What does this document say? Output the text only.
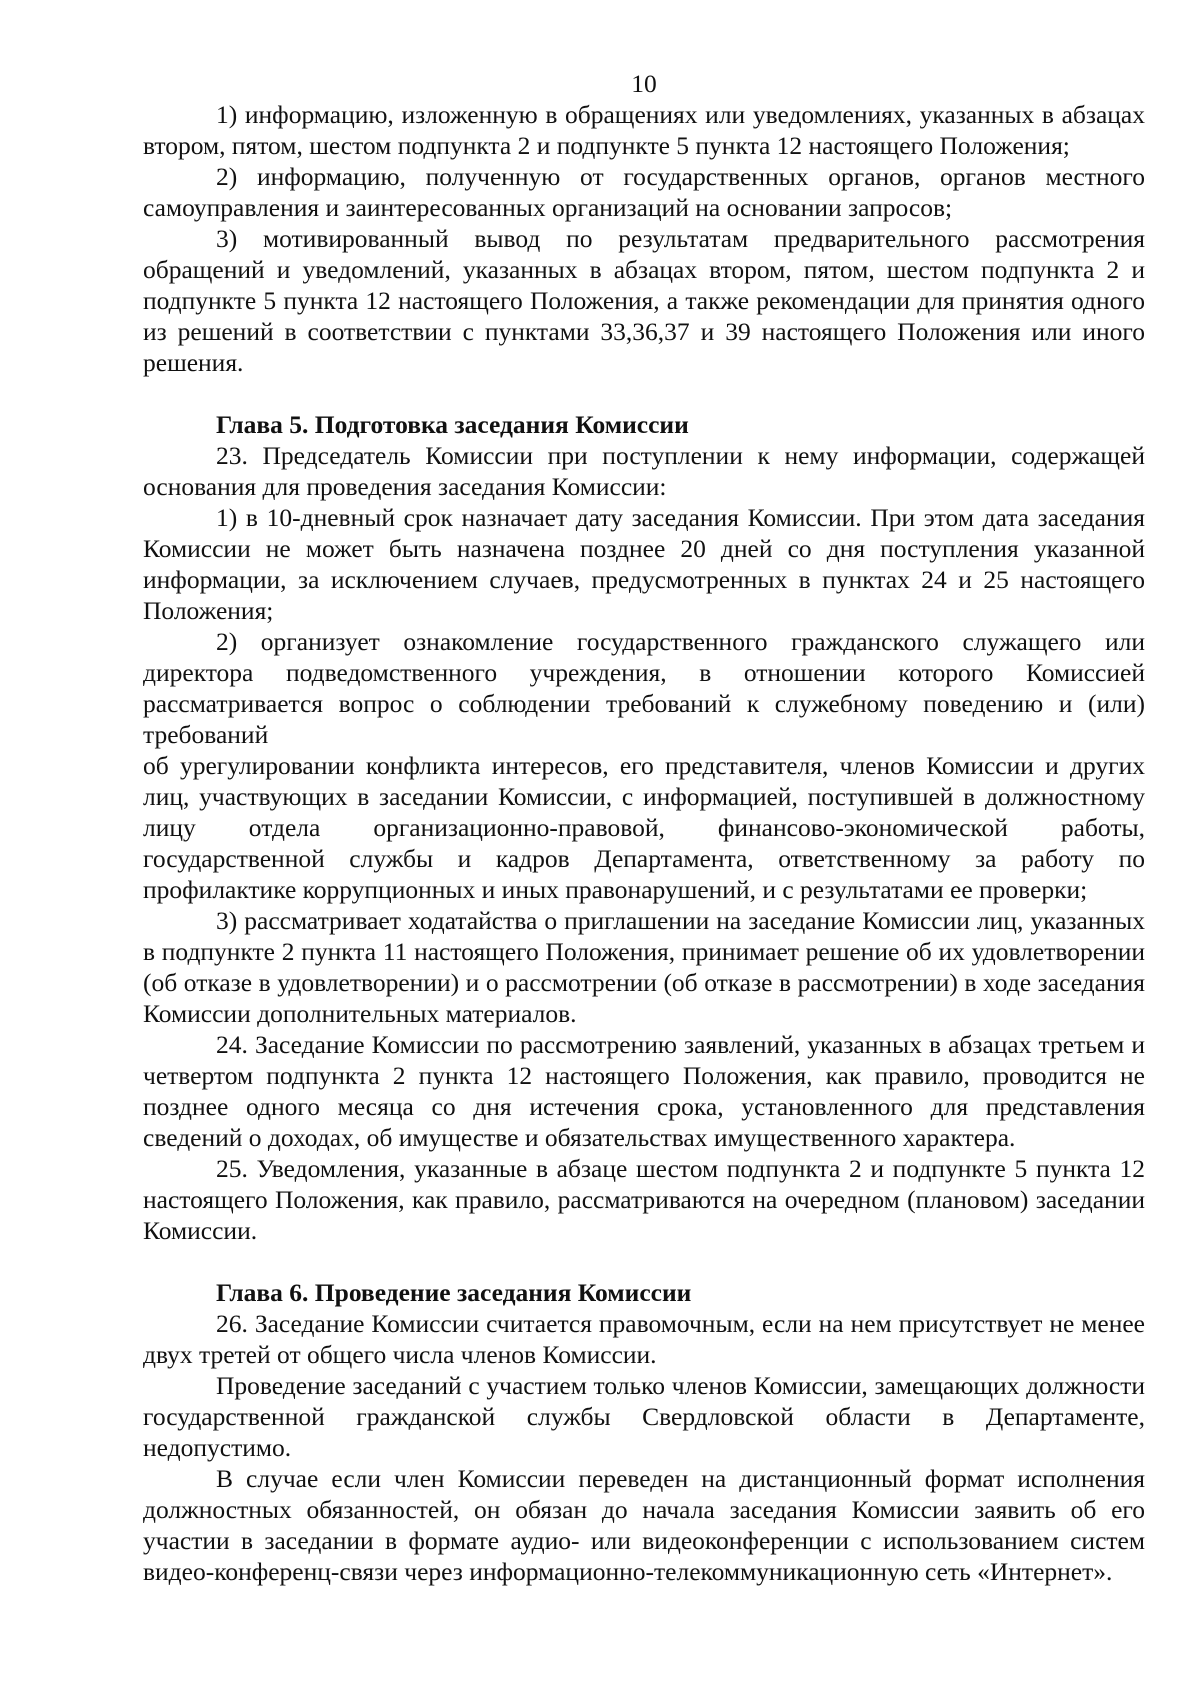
10

1) информацию, изложенную в обращениях или уведомлениях, указанных в абзацах втором, пятом, шестом подпункта 2 и подпункте 5 пункта 12 настоящего Положения;

2) информацию, полученную от государственных органов, органов местного самоуправления и заинтересованных организаций на основании запросов;

3) мотивированный вывод по результатам предварительного рассмотрения обращений и уведомлений, указанных в абзацах втором, пятом, шестом подпункта 2 и подпункте 5 пункта 12 настоящего Положения, а также рекомендации для принятия одного из решений в соответствии с пунктами 33,36,37 и 39 настоящего Положения или иного решения.

Глава 5. Подготовка заседания Комиссии

23. Председатель Комиссии при поступлении к нему информации, содержащей основания для проведения заседания Комиссии:

1) в 10-дневный срок назначает дату заседания Комиссии. При этом дата заседания Комиссии не может быть назначена позднее 20 дней со дня поступления указанной информации, за исключением случаев, предусмотренных в пунктах 24 и 25 настоящего Положения;

2) организует ознакомление государственного гражданского служащего или директора подведомственного учреждения, в отношении которого Комиссией рассматривается вопрос о соблюдении требований к служебному поведению и (или) требований

об урегулировании конфликта интересов, его представителя, членов Комиссии и других лиц, участвующих в заседании Комиссии, с информацией, поступившей в должностному лицу отдела организационно-правовой, финансово-экономической работы, государственной службы и кадров Департамента, ответственному за работу по профилактике коррупционных и иных правонарушений, и с результатами ее проверки;

3) рассматривает ходатайства о приглашении на заседание Комиссии лиц, указанных в подпункте 2 пункта 11 настоящего Положения, принимает решение об их удовлетворении (об отказе в удовлетворении) и о рассмотрении (об отказе в рассмотрении) в ходе заседания Комиссии дополнительных материалов.

24. Заседание Комиссии по рассмотрению заявлений, указанных в абзацах третьем и четвертом подпункта 2 пункта 12 настоящего Положения, как правило, проводится не позднее одного месяца со дня истечения срока, установленного для представления сведений о доходах, об имуществе и обязательствах имущественного характера.

25. Уведомления, указанные в абзаце шестом подпункта 2 и подпункте 5 пункта 12 настоящего Положения, как правило, рассматриваются на очередном (плановом) заседании Комиссии.

Глава 6. Проведение заседания Комиссии

26. Заседание Комиссии считается правомочным, если на нем присутствует не менее двух третей от общего числа членов Комиссии.

Проведение заседаний с участием только членов Комиссии, замещающих должности государственной гражданской службы Свердловской области в Департаменте, недопустимо.

В случае если член Комиссии переведен на дистанционный формат исполнения должностных обязанностей, он обязан до начала заседания Комиссии заявить об его участии в заседании в формате аудио- или видеоконференции с использованием систем видео-конференц-связи через информационно-телекоммуникационную сеть «Интернет».
